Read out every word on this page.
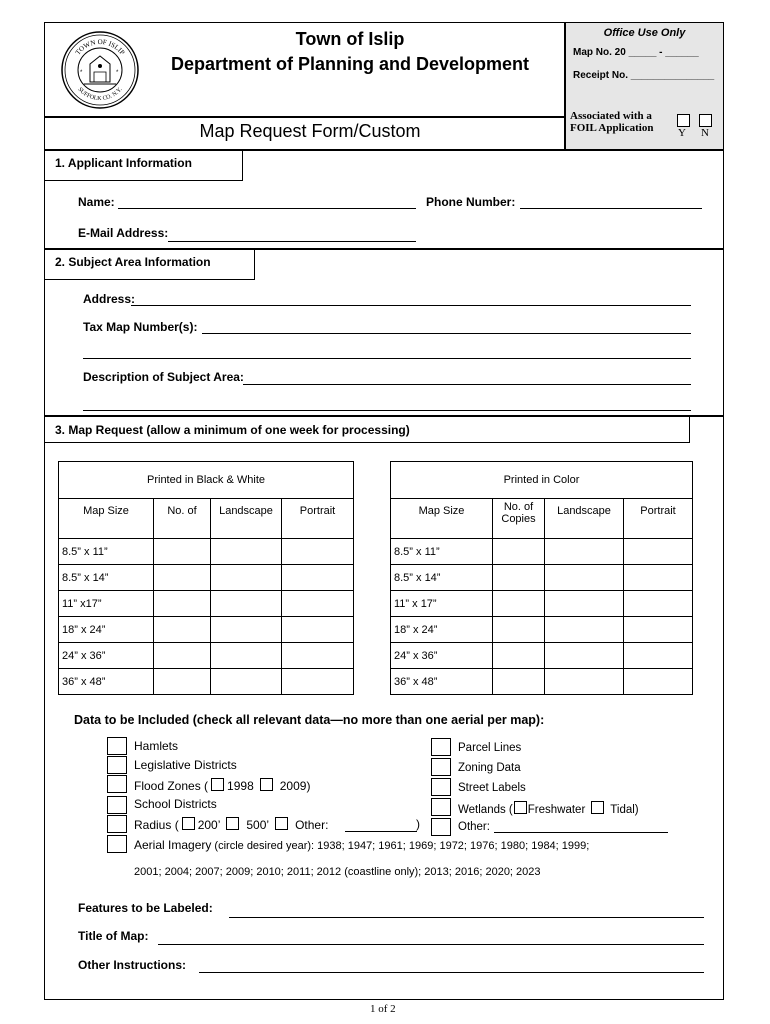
TOWN OF ISLIP
SUFFOLK CO. N.Y.
*	*
Town of Islip
Department of Planning and Development
Map Request Form/Custom
Office Use Only
Map No. 20 _____ - ______
Receipt No. _______________
Associated with a
FOIL Application Y N
1. Applicant Information
Name:	Phone Number:
E-Mail Address:
2. Subject Area Information
Address:
Tax Map Number(s):
Description of Subject Area:
3. Map Request (allow a minimum of one week for processing)
Printed in Black & White			
Map Size	No. of	Landscape	Portrait
8.5” x 11”			
8.5” x 14”			
11” x17”			
18” x 24”			
24” x 36”			
36” x 48”			
Printed in Color			
Map Size	No. of Copies	Landscape	Portrait
8.5” x 11”			
8.5” x 14”			
11” x 17”			
18” x 24”			
24” x 36”			
36” x 48”			
Data to be Included (check all relevant data—no more than one aerial per map):
Hamlets
Legislative Districts
Flood Zones ( 1998 2009)
School Districts
Radius ( 200’ 500’ Other:	)
Aerial Imagery (circle desired year): 1938; 1947; 1961; 1969; 1972; 1976; 1980; 1984; 1999;
2001; 2004; 2007; 2009; 2010; 2011; 2012 (coastline only); 2013; 2016; 2020; 2023
Parcel Lines
Zoning Data
Street Labels
Wetlands ( Freshwater Tidal)
Other:
Features to be Labeled:
Title of Map:
Other Instructions:
1 of 2
